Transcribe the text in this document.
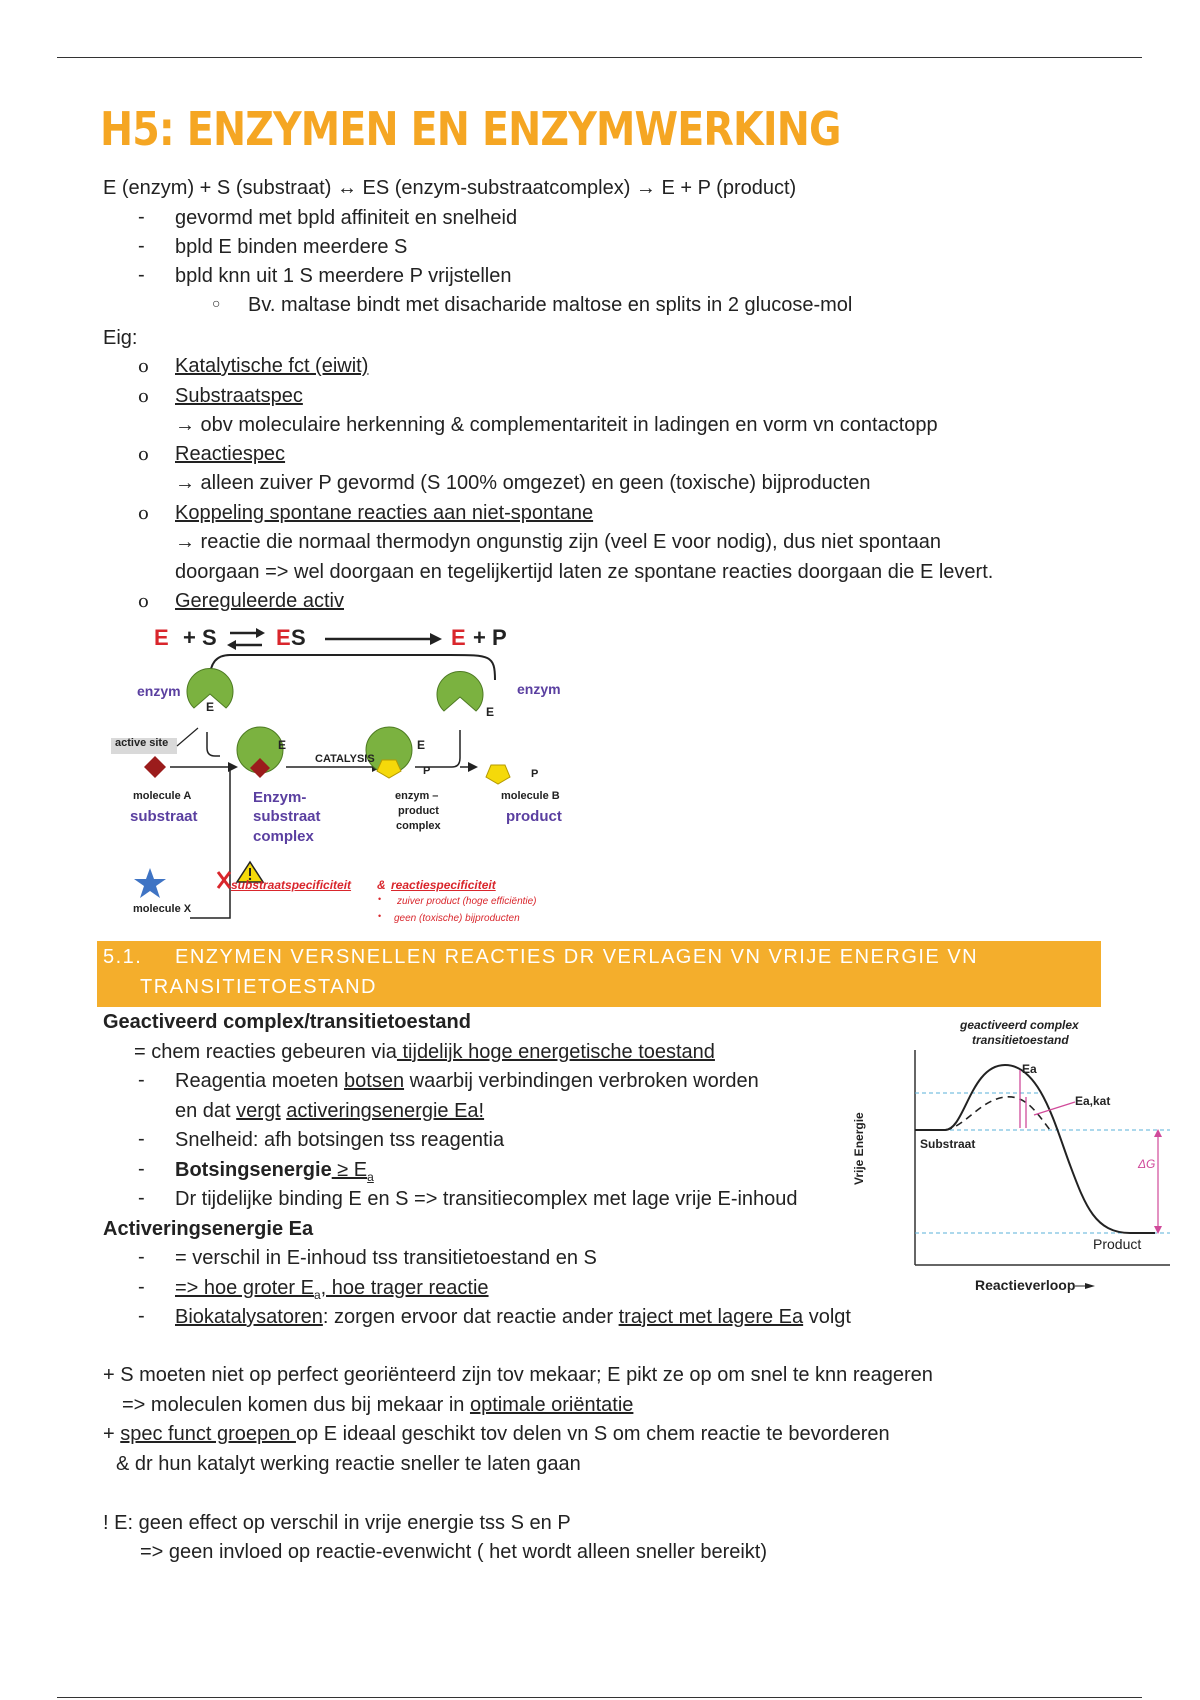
H5: ENZYMEN EN ENZYMWERKING
E (enzym) + S (substraat) ↔ ES (enzym-substraatcomplex) → E + P (product)
- gevormd met bpld affiniteit en snelheid
- bpld E binden meerdere S
- bpld knn uit 1 S meerdere P vrijstellen
○ Bv. maltase bindt met disacharide maltose en splits in 2 glucose-mol
Eig:
o Katalytische fct (eiwit)
o Substraatspec
→ obv moleculaire herkenning & complementariteit in ladingen en vorm vn contactopp
o Reactiespec
→ alleen zuiver P gevormd (S 100% omgezet) en geen (toxische) bijproducten
o Koppeling spontane reacties aan niet-spontane
→ reactie die normaal thermodyn ongunstig zijn (veel E voor nodig), dus niet spontaan
doorgaan => wel doorgaan en tegelijkertijd laten ze spontane reacties doorgaan die E levert.
o Gereguleerde activ
E + S	E S	E + P
enzym	enzym
E
E	E
E
P	P
active site
CATALYSIS
molecule A
substraat
Enzym-
substraat
complex
enzym –
product
complex
molecule B
product
molecule X
substraatspecificiteit & reactiespecificiteit
• zuiver product (hoge efficiëntie)
• geen (toxische) bijproducten
5.1. ENZYMEN VERSNELLEN REACTIES DR VERLAGEN VN VRIJE ENERGIE VN
TRANSITIETOESTAND
Geactiveerd complex/transitietoestand
= chem reacties gebeuren via tijdelijk hoge energetische toestand
- Reagentia moeten botsen waarbij verbindingen verbroken worden
en dat vergt activeringsenergie Ea!
- Snelheid: afh botsingen tss reagentia
- Botsingsenergie ≥ $E_a$
- Dr tijdelijke binding E en S => transitiecomplex met lage vrije E-inhoud
Activeringsenergie Ea
- = verschil in E-inhoud tss transitietoestand en S
- => hoe groter $E_a$, hoe trager reactie
- Biokatalysatoren: zorgen ervoor dat reactie ander traject met lagere Ea volgt
geactiveerd complex
transitietoestand
Ea
Ea,kat
Substraat
ΔG
Product
Vrije Energie
Reactieverloop
+ S moeten niet op perfect georiënteerd zijn tov mekaar; E pikt ze op om snel te knn reageren
=> moleculen komen dus bij mekaar in optimale oriëntatie
+ spec funct groepen op E ideaal geschikt tov delen vn S om chem reactie te bevorderen
& dr hun katalyt werking reactie sneller te laten gaan
! E: geen effect op verschil in vrije energie tss S en P
=> geen invloed op reactie-evenwicht ( het wordt alleen sneller bereikt)
